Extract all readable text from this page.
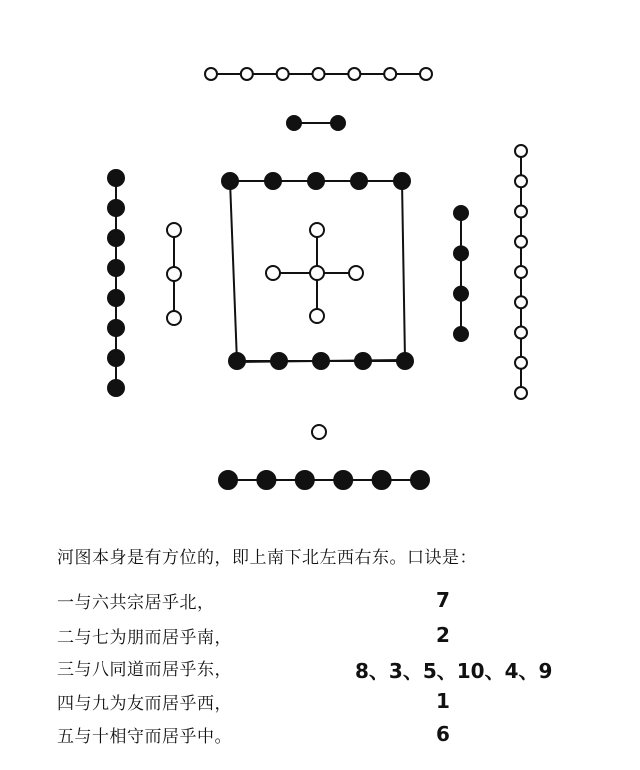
河图本身是有方位的，即上南下北左西右东。口诀是：
一与六共宗居乎北，	7
二与七为朋而居乎南，	2
三与八同道而居乎东，	8、3、5、10、4、9
四与九为友而居乎西，	1
五与十相守而居乎中。	6
